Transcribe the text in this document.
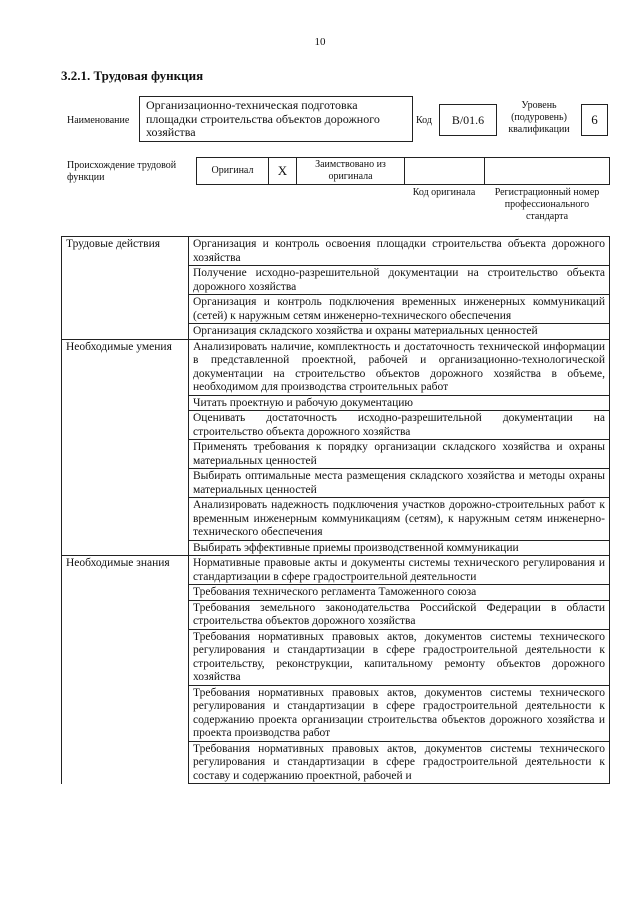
10
3.2.1. Трудовая функция
Наименование
Организационно-техническая подготовка площадки строительства объектов дорожного хозяйства
Код	B/01.6
Уровень (подуровень) квалификации
6
Происхождение трудовой функции
Оригинал	X	Заимствовано из оригинала
Код оригинала	Регистрационный номер профессионального стандарта
Трудовые действия	Организация и контроль освоения площадки строительства объекта дорожного хозяйства
	Получение исходно-разрешительной документации на строительство объекта дорожного хозяйства
	Организация и контроль подключения временных инженерных коммуникаций (сетей) к наружным сетям инженерно-технического обеспечения
	Организация складского хозяйства и охраны материальных ценностей
Необходимые умения	Анализировать наличие, комплектность и достаточность технической информации в представленной проектной, рабочей и организационно-технологической документации на строительство объектов дорожного хозяйства в объеме, необходимом для производства строительных работ
	Читать проектную и рабочую документацию
	Оценивать достаточность исходно-разрешительной документации на строительство объекта дорожного хозяйства
	Применять требования к порядку организации складского хозяйства и охраны материальных ценностей
	Выбирать оптимальные места размещения складского хозяйства и методы охраны материальных ценностей
	Анализировать надежность подключения участков дорожно-строительных работ к временным инженерным коммуникациям (сетям), к наружным сетям инженерно-технического обеспечения
	Выбирать эффективные приемы производственной коммуникации
Необходимые знания	Нормативные правовые акты и документы системы технического регулирования и стандартизации в сфере градостроительной деятельности
	Требования технического регламента Таможенного союза
	Требования земельного законодательства Российской Федерации в области строительства объектов дорожного хозяйства
	Требования нормативных правовых актов, документов системы технического регулирования и стандартизации в сфере градостроительной деятельности к строительству, реконструкции, капитальному ремонту объектов дорожного хозяйства
	Требования нормативных правовых актов, документов системы технического регулирования и стандартизации в сфере градостроительной деятельности к содержанию проекта организации строительства объектов дорожного хозяйства и проекта производства работ
	Требования нормативных правовых актов, документов системы технического регулирования и стандартизации в сфере градостроительной деятельности к составу и содержанию проектной, рабочей и
